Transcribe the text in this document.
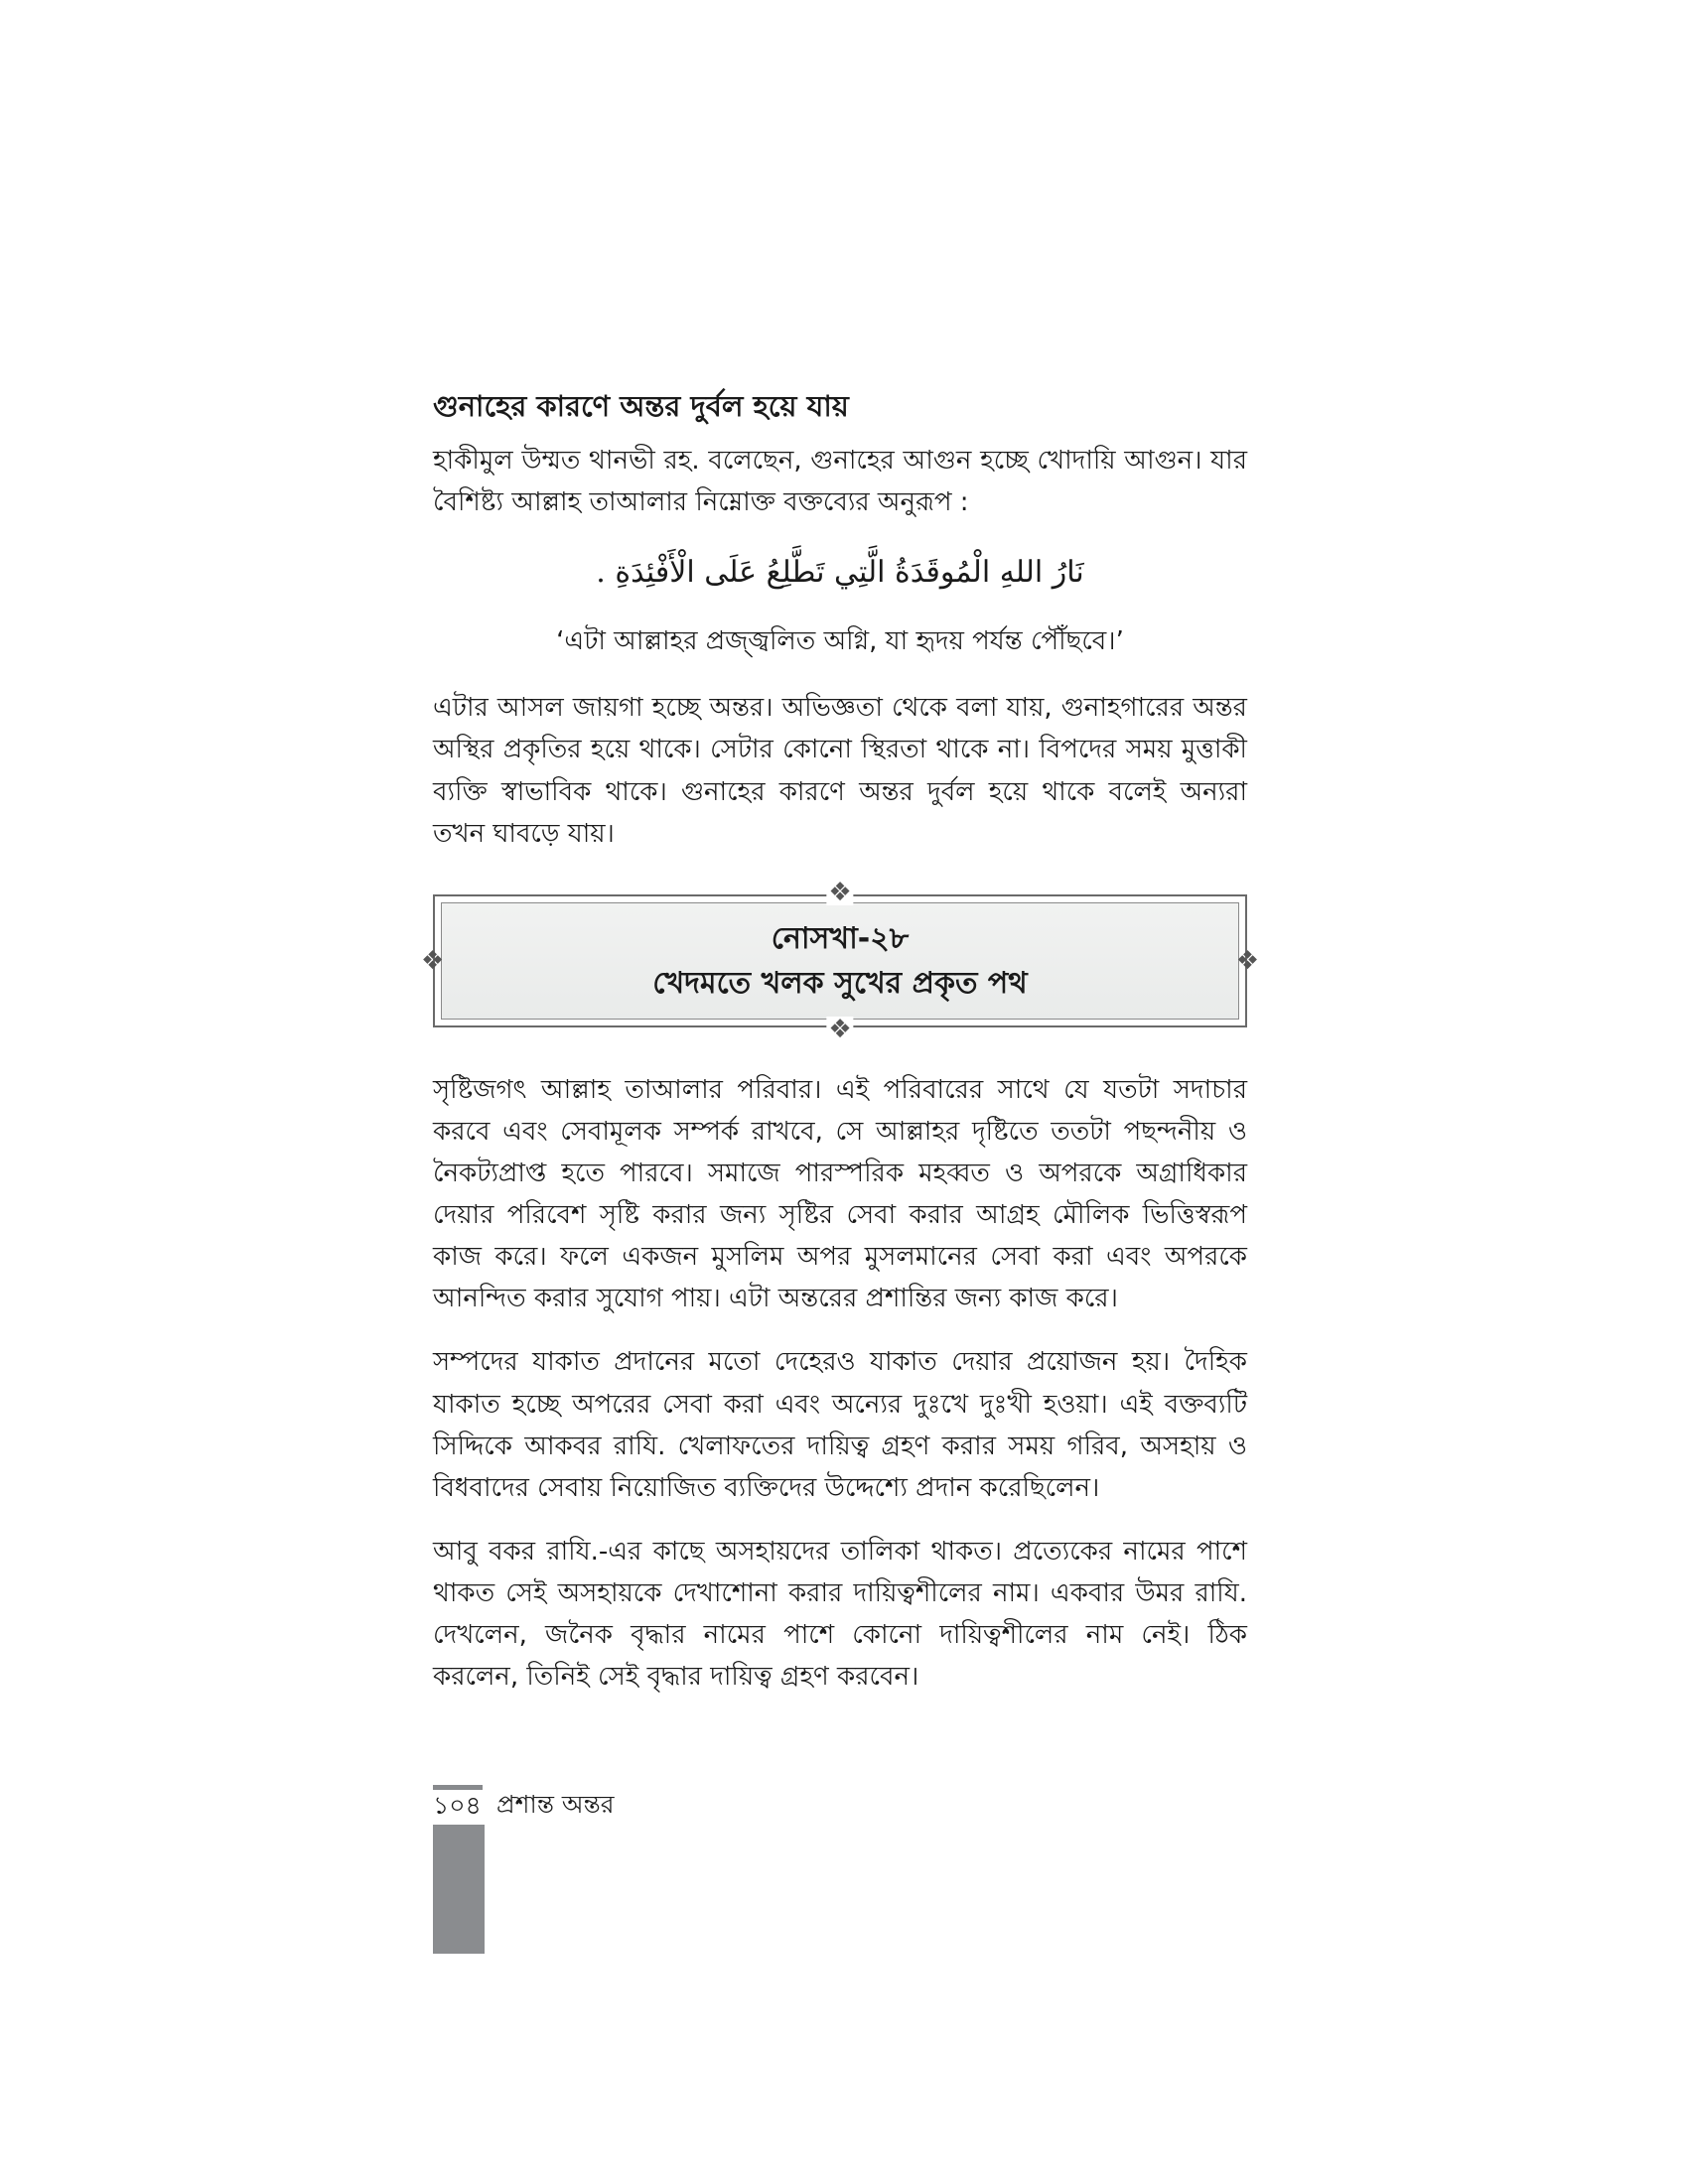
গুনাহের কারণে অন্তর দুর্বল হয়ে যায়

হাকীমুল উম্মত থানভী রহ. বলেছেন, গুনাহের আগুন হচ্ছে খোদায়ি আগুন। যার বৈশিষ্ট্য আল্লাহ তাআলার নিম্নোক্ত বক্তব্যের অনুরূপ :

نَارُ اللهِ الْمُوقَدَةُ الَّتِي تَطَّلِعُ عَلَى الْأَفْئِدَةِ .
‘এটা আল্লাহর প্রজ্জ্বলিত অগ্নি, যা হৃদয় পর্যন্ত পৌঁছবে।’

এটার আসল জায়গা হচ্ছে অন্তর। অভিজ্ঞতা থেকে বলা যায়, গুনাহগারের অন্তর অস্থির প্রকৃতির হয়ে থাকে। সেটার কোনো স্থিরতা থাকে না। বিপদের সময় মুত্তাকী ব্যক্তি স্বাভাবিক থাকে। গুনাহের কারণে অন্তর দুর্বল হয়ে থাকে বলেই অন্যরা তখন ঘাবড়ে যায়।

নোসখা-২৮
খেদমতে খলক সুখের প্রকৃত পথ
❖
❖
❖	❖

সৃষ্টিজগৎ আল্লাহ তাআলার পরিবার। এই পরিবারের সাথে যে যতটা সদাচার করবে এবং সেবামূলক সম্পর্ক রাখবে, সে আল্লাহর দৃষ্টিতে ততটা পছন্দনীয় ও নৈকট্যপ্রাপ্ত হতে পারবে। সমাজে পারস্পরিক মহব্বত ও অপরকে অগ্রাধিকার দেয়ার পরিবেশ সৃষ্টি করার জন্য সৃষ্টির সেবা করার আগ্রহ মৌলিক ভিত্তিস্বরূপ কাজ করে। ফলে একজন মুসলিম অপর মুসলমানের সেবা করা এবং অপরকে আনন্দিত করার সুযোগ পায়। এটা অন্তরের প্রশান্তির জন্য কাজ করে।

সম্পদের যাকাত প্রদানের মতো দেহেরও যাকাত দেয়ার প্রয়োজন হয়। দৈহিক যাকাত হচ্ছে অপরের সেবা করা এবং অন্যের দুঃখে দুঃখী হওয়া। এই বক্তব্যটি সিদ্দিকে আকবর রাযি. খেলাফতের দায়িত্ব গ্রহণ করার সময় গরিব, অসহায় ও বিধবাদের সেবায় নিয়োজিত ব্যক্তিদের উদ্দেশ্যে প্রদান করেছিলেন।

আবু বকর রাযি.-এর কাছে অসহায়দের তালিকা থাকত। প্রত্যেকের নামের পাশে থাকত সেই অসহায়কে দেখাশোনা করার দায়িত্বশীলের নাম। একবার উমর রাযি. দেখলেন, জনৈক বৃদ্ধার নামের পাশে কোনো দায়িত্বশীলের নাম নেই। ঠিক করলেন, তিনিই সেই বৃদ্ধার দায়িত্ব গ্রহণ করবেন।

১০৪ প্রশান্ত অন্তর
